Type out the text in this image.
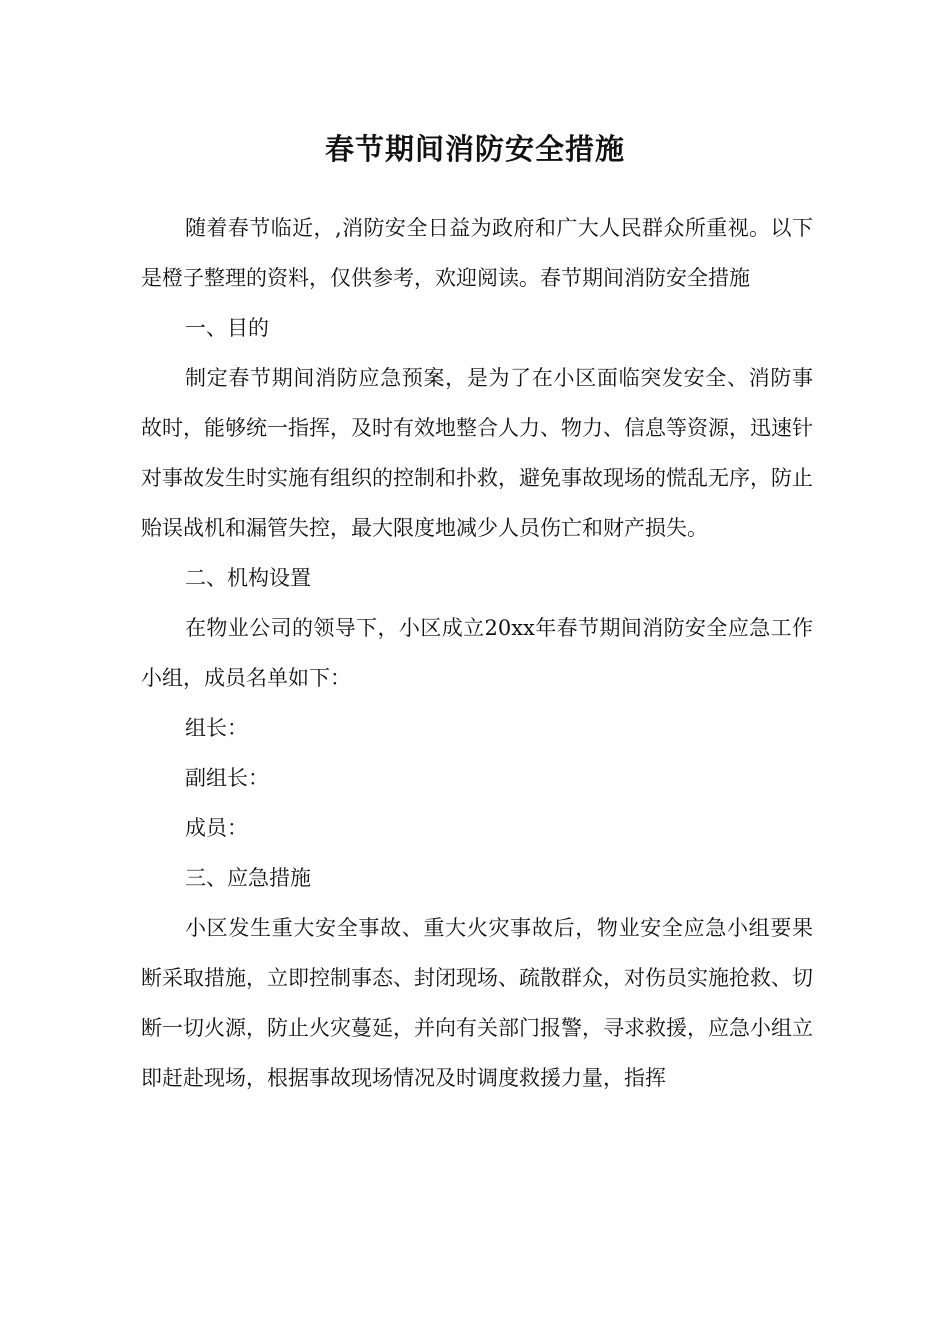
春节期间消防安全措施

随着春节临近，,消防安全日益为政府和广大人民群众所重视。以下是橙子整理的资料，仅供参考，欢迎阅读。春节期间消防安全措施

一、目的

制定春节期间消防应急预案，是为了在小区面临突发安全、消防事故时，能够统一指挥，及时有效地整合人力、物力、信息等资源，迅速针对事故发生时实施有组织的控制和扑救，避免事故现场的慌乱无序，防止贻误战机和漏管失控，最大限度地减少人员伤亡和财产损失。

二、机构设置

在物业公司的领导下，小区成立20xx年春节期间消防安全应急工作小组，成员名单如下：

组长：

副组长：

成员：

三、应急措施

小区发生重大安全事故、重大火灾事故后，物业安全应急小组要果断采取措施，立即控制事态、封闭现场、疏散群众，对伤员实施抢救、切断一切火源，防止火灾蔓延，并向有关部门报警，寻求救援，应急小组立即赶赴现场，根据事故现场情况及时调度救援力量，指挥
